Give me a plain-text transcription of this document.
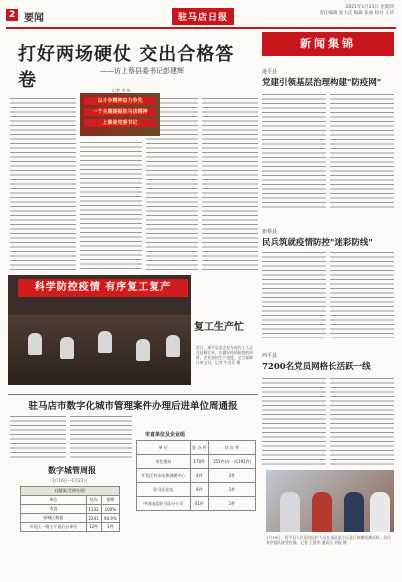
2 要闻	驻马店日报
2021年1月21日 星期四
责任编辑 张大庆 编辑 张丽 校对 王华
打好两场硬仗 交出合格答卷	——访上蔡县委书记彭建辉
记者 李 伟
以斗争精神奋力争先
一个主题提振驻马店精神
上蔡是党委书记
科学防控疫情 有序复工复产
复工生产忙
近日，遂平县某企业车间内工人正在赶制订单，在做好疫情防控的同时，企业加快生产进度，全力保障订单交付。记者 牛君乐 摄
驻马店市数字化城市管理案件办理后进单位周通报
数字城管周报
1月16日—1月22日
问题案(受理处理)		
单位	结办	按期
市直	1132	100%
驿城区数据	2241	94.9%
开发区一级主干道后台单位	12件	1件
市直单位及企业组
单 位	处 办 件	结 办 件
市住建局	170件	155件(办一次191件)
开发区有水站和供暖中心	4件	2件
驻马店北站	9件	1件
中国电信驻马店分公司	41件	1件
新闻集锦
遂平县
党建引领基层治理构建"防疫网"
新蔡县
民兵筑就疫情防控"迷彩防线"
西平县
7200名党员网格长活跃一线
1月19日，西平县人民医院医护人员在该县某小区进行核酸检测采样，居民有序排队接受检测。记者 王建华 通讯员 刘振 摄
